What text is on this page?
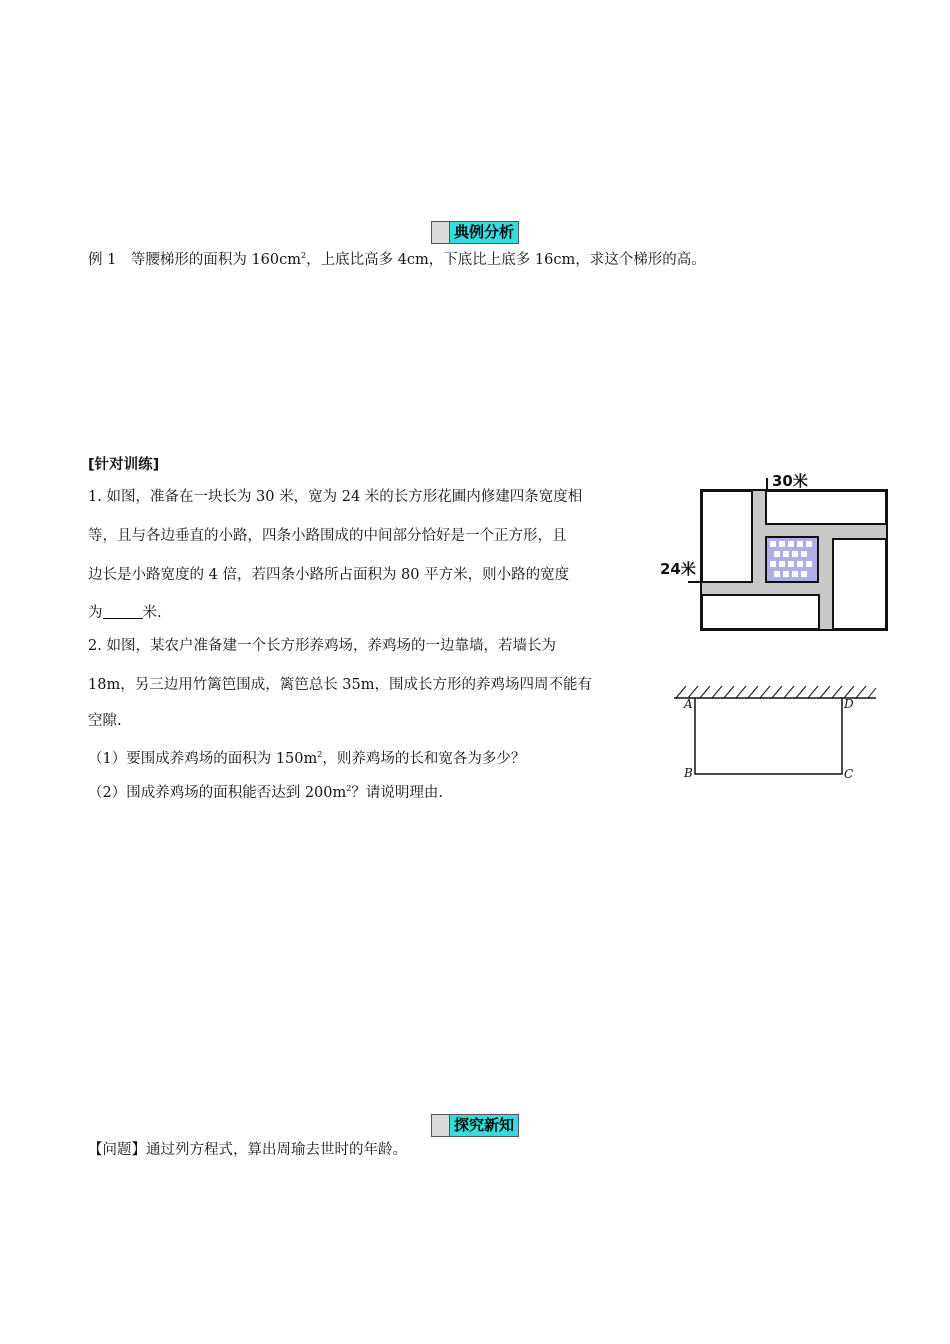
典例分析
例 1　等腰梯形的面积为 $160cm^2$，上底比高多 4cm，下底比上底多 16cm，求这个梯形的高。
[针对训练]
1. 如图，准备在一块长为 30 米，宽为 24 米的长方形花圃内修建四条宽度相
等，且与各边垂直的小路，四条小路围成的中间部分恰好是一个正方形，且
边长是小路宽度的 4 倍，若四条小路所占面积为 80 平方米，则小路的宽度
为	米.
2. 如图，某农户准备建一个长方形养鸡场，养鸡场的一边靠墙，若墙长为
18m，另三边用竹篱笆围成，篱笆总长 35m，围成长方形的养鸡场四周不能有
空隙.
（1）要围成养鸡场的面积为 $150m^2$，则养鸡场的长和宽各为多少？
（2）围成养鸡场的面积能否达到 $200m^2$？请说明理由.
30米
24米
A	D
B	C
探究新知
【问题】通过列方程式，算出周瑜去世时的年龄。
